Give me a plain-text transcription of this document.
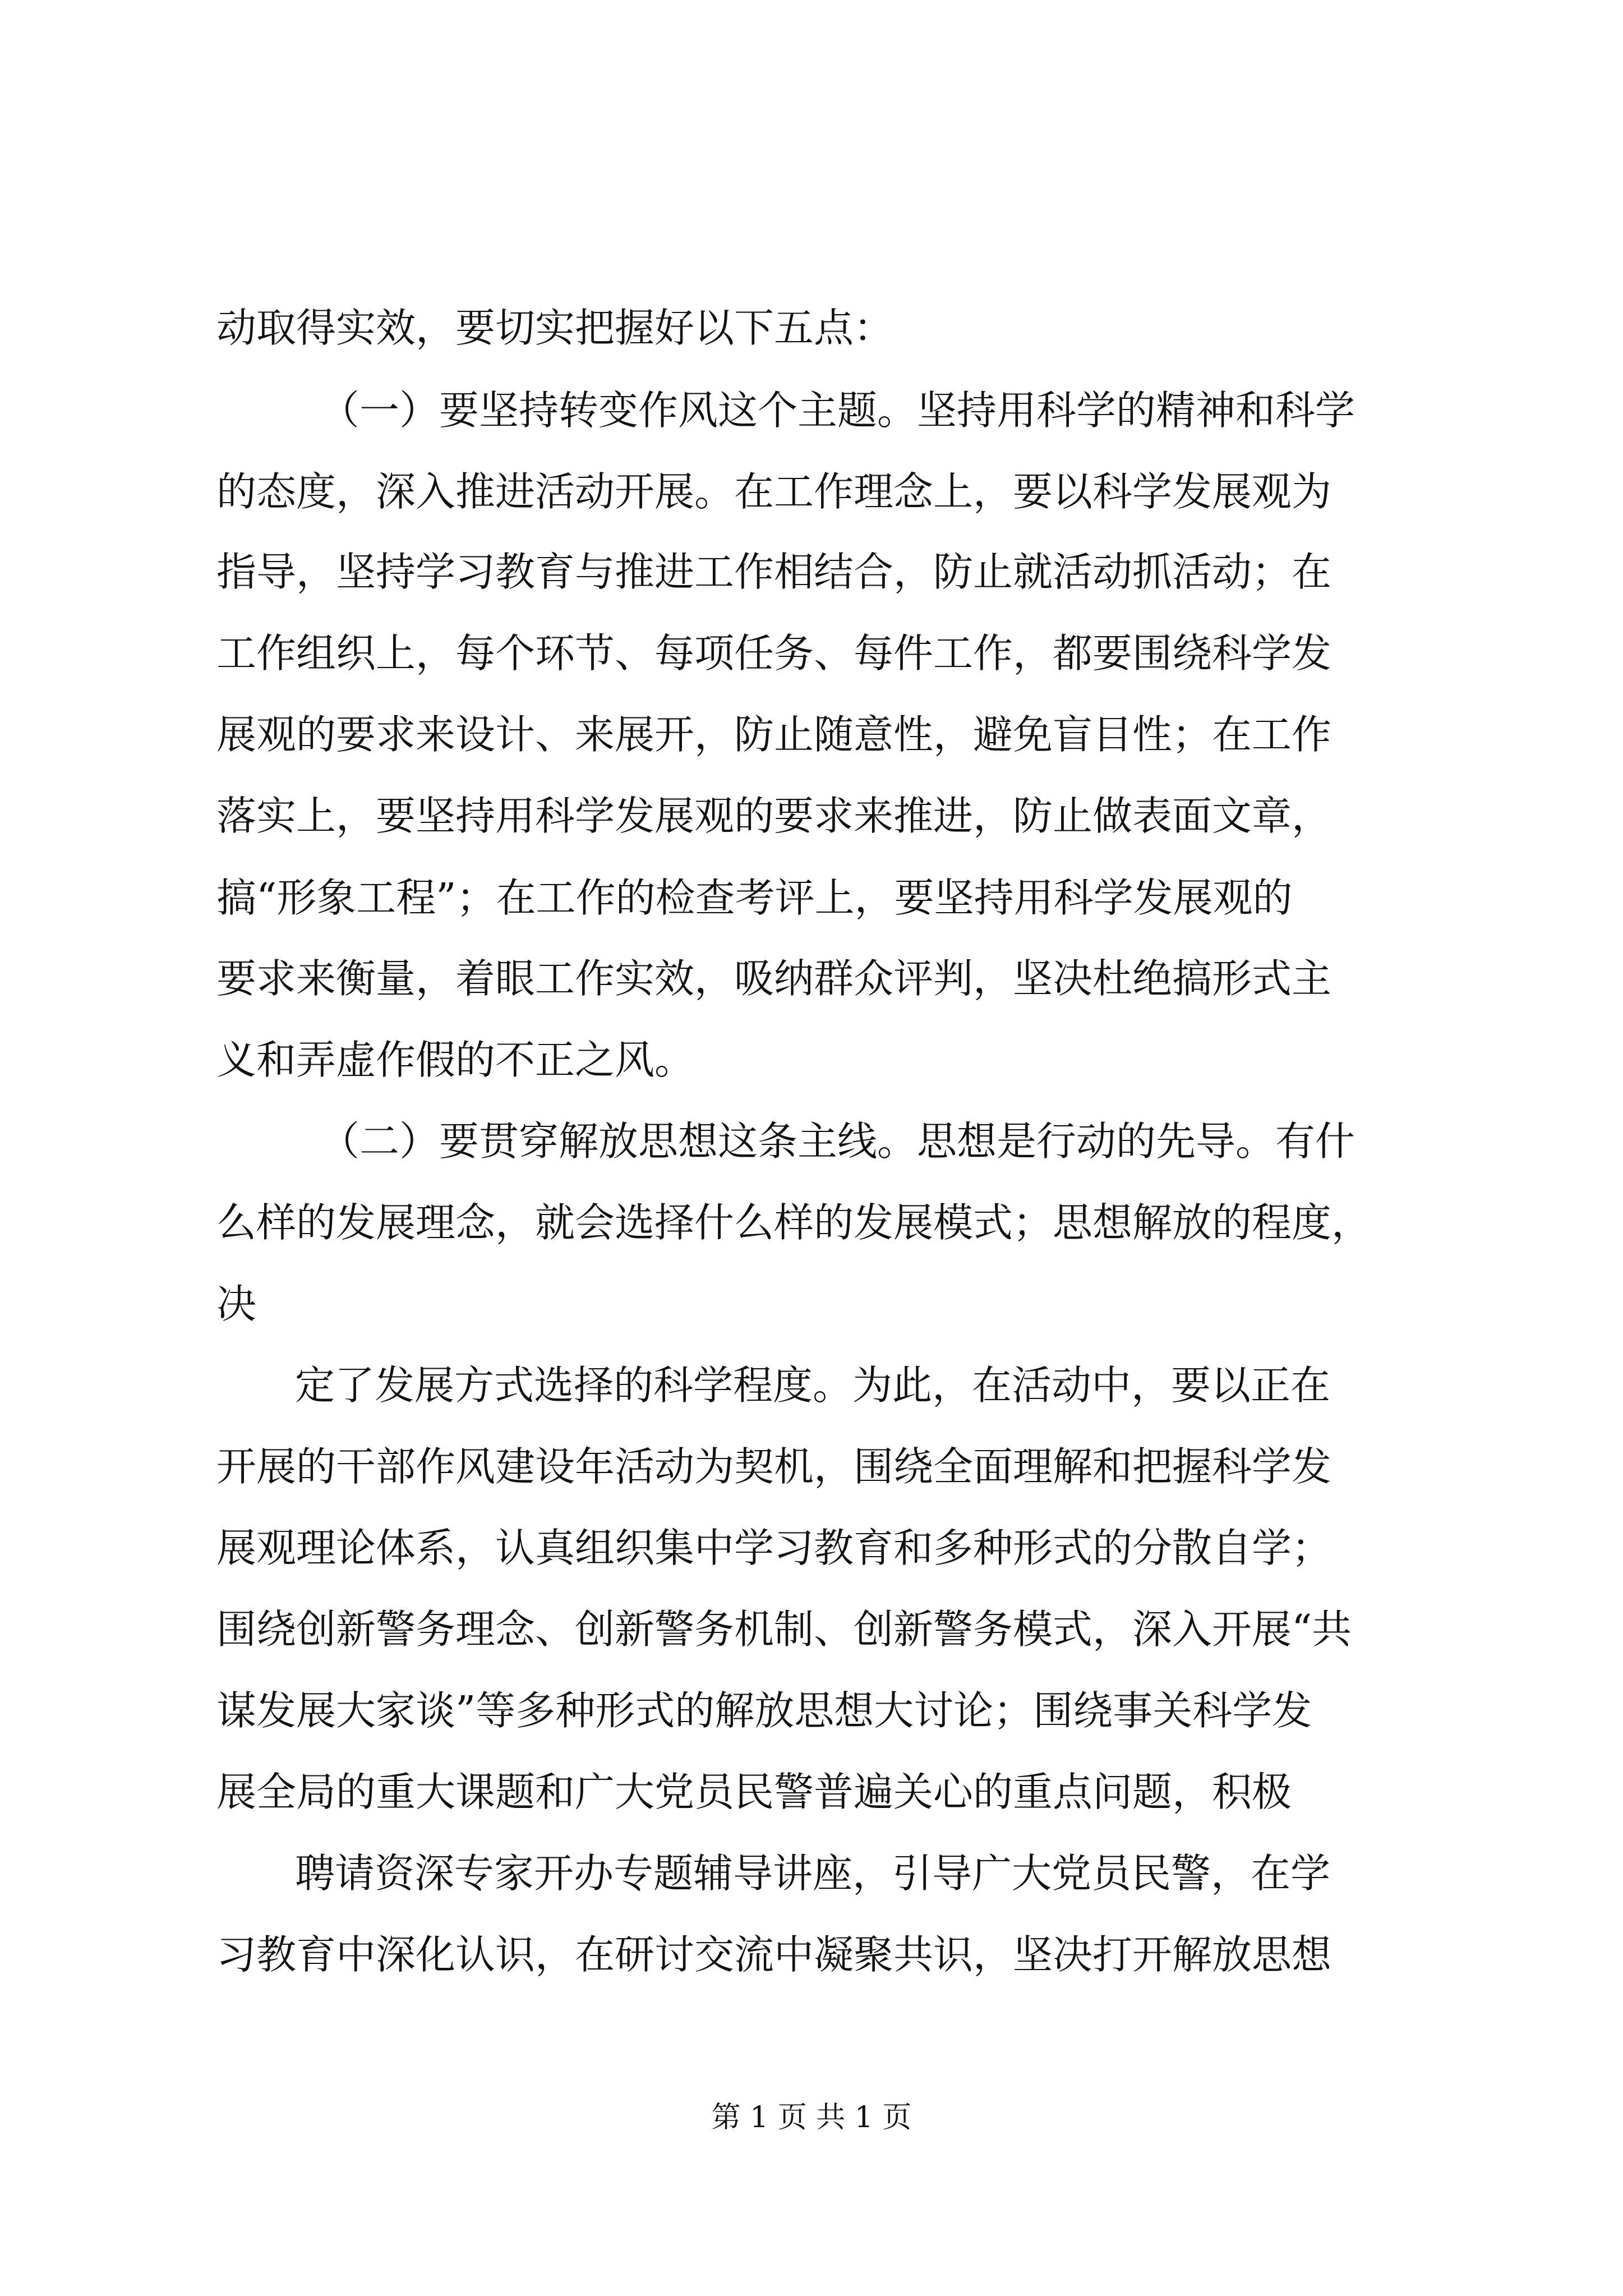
动取得实效，要切实把握好以下五点：
（一）要坚持转变作风这个主题。坚持用科学的精神和科学
的态度，深入推进活动开展。在工作理念上，要以科学发展观为
指导，坚持学习教育与推进工作相结合，防止就活动抓活动；在
工作组织上，每个环节、每项任务、每件工作，都要围绕科学发
展观的要求来设计、来展开，防止随意性，避免盲目性；在工作
落实上，要坚持用科学发展观的要求来推进，防止做表面文章，
搞“形象工程”；在工作的检查考评上，要坚持用科学发展观的
要求来衡量，着眼工作实效，吸纳群众评判，坚决杜绝搞形式主
义和弄虚作假的不正之风。
（二）要贯穿解放思想这条主线。思想是行动的先导。有什
么样的发展理念，就会选择什么样的发展模式；思想解放的程度，
决
定了发展方式选择的科学程度。为此，在活动中，要以正在
开展的干部作风建设年活动为契机，围绕全面理解和把握科学发
展观理论体系，认真组织集中学习教育和多种形式的分散自学；
围绕创新警务理念、创新警务机制、创新警务模式，深入开展“共
谋发展大家谈”等多种形式的解放思想大讨论；围绕事关科学发
展全局的重大课题和广大党员民警普遍关心的重点问题，积极
聘请资深专家开办专题辅导讲座，引导广大党员民警，在学
习教育中深化认识，在研讨交流中凝聚共识，坚决打开解放思想
第 1 页 共 1 页
